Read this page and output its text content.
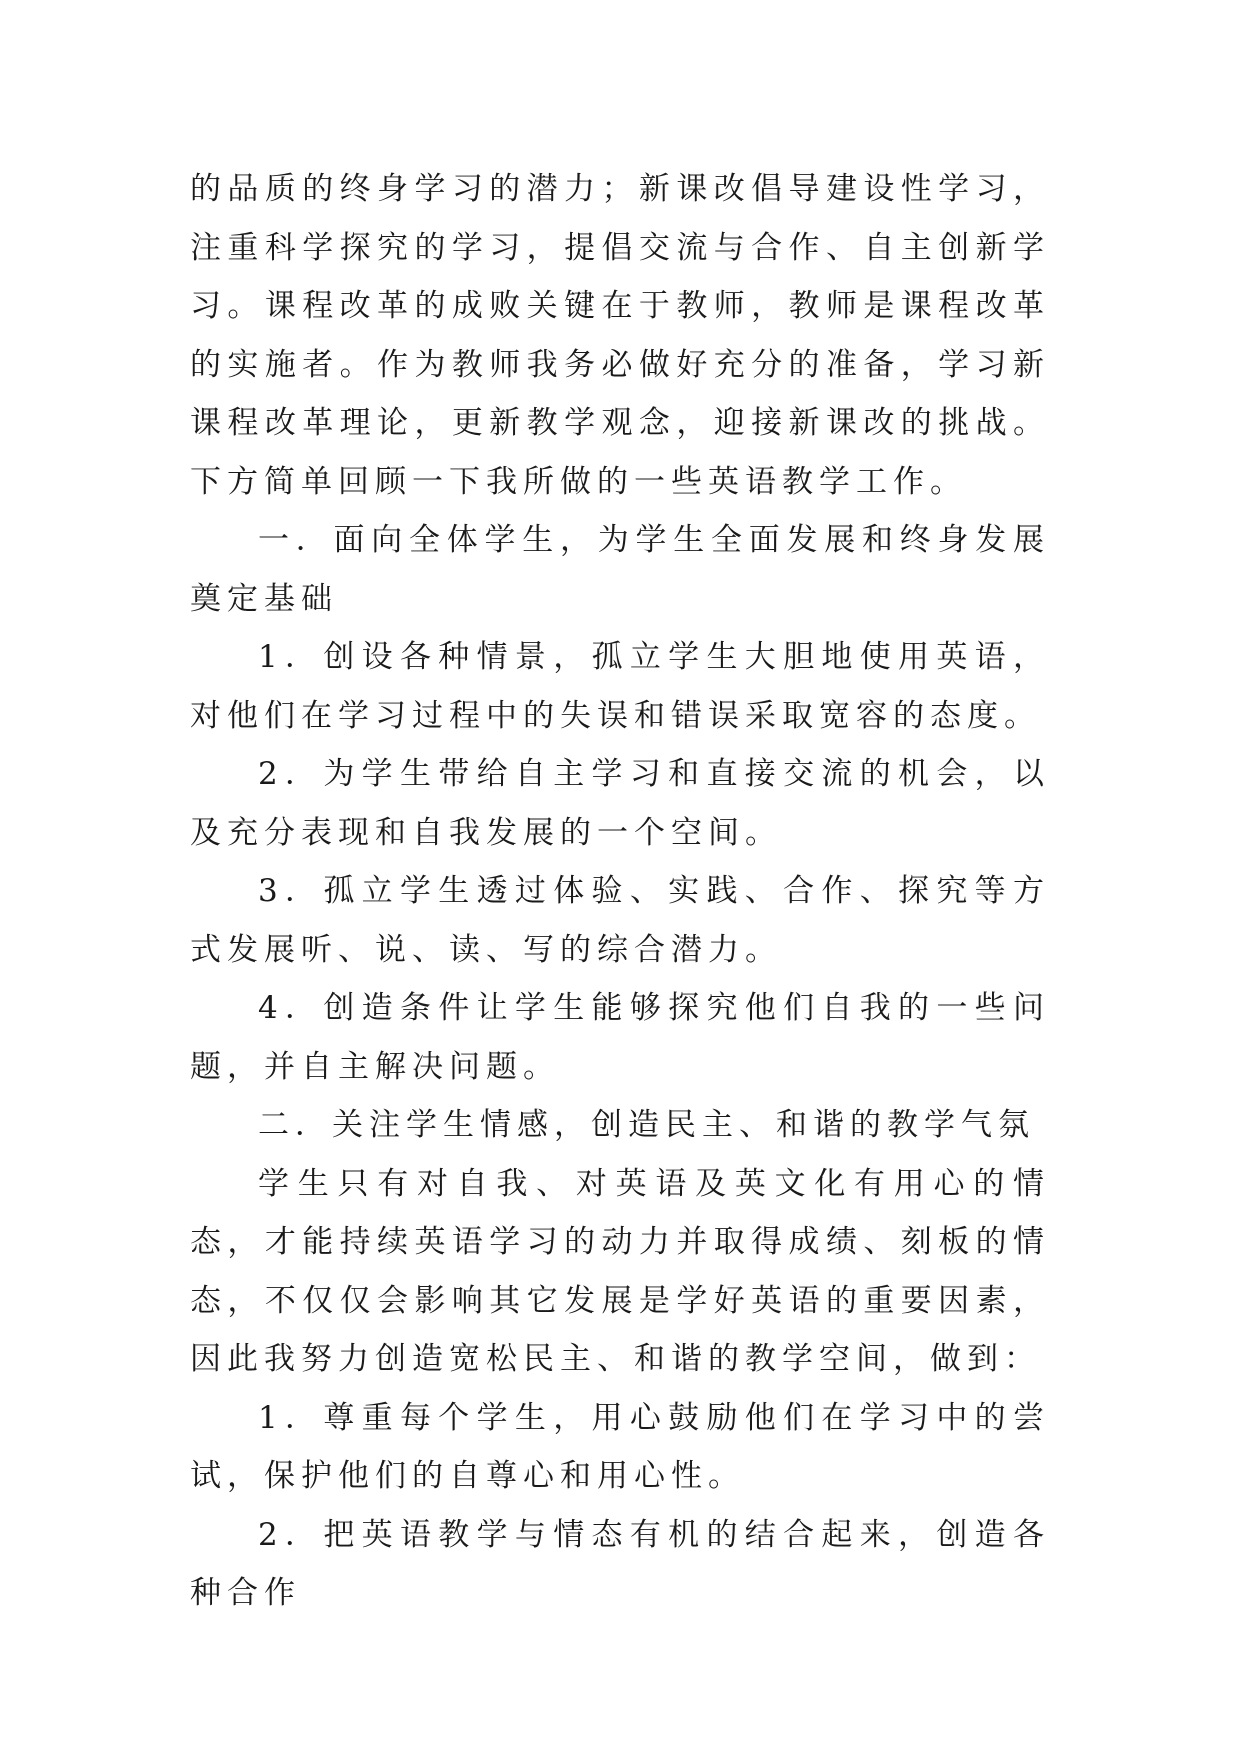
的品质的终身学习的潜力；新课改倡导建设性学习，注重科学探究的学习，提倡交流与合作、自主创新学习。课程改革的成败关键在于教师，教师是课程改革的实施者。作为教师我务必做好充分的准备，学习新课程改革理论，更新教学观念，迎接新课改的挑战。下方简单回顾一下我所做的一些英语教学工作。

一．面向全体学生，为学生全面发展和终身发展奠定基础

1．创设各种情景，孤立学生大胆地使用英语，对他们在学习过程中的失误和错误采取宽容的态度。

2．为学生带给自主学习和直接交流的机会，以及充分表现和自我发展的一个空间。

3．孤立学生透过体验、实践、合作、探究等方式发展听、说、读、写的综合潜力。

4．创造条件让学生能够探究他们自我的一些问题，并自主解决问题。

二．关注学生情感，创造民主、和谐的教学气氛

学生只有对自我、对英语及英文化有用心的情态，才能持续英语学习的动力并取得成绩、刻板的情态，不仅仅会影响其它发展是学好英语的重要因素，因此我努力创造宽松民主、和谐的教学空间，做到：

1．尊重每个学生，用心鼓励他们在学习中的尝试，保护他们的自尊心和用心性。

2．把英语教学与情态有机的结合起来，创造各种合作
